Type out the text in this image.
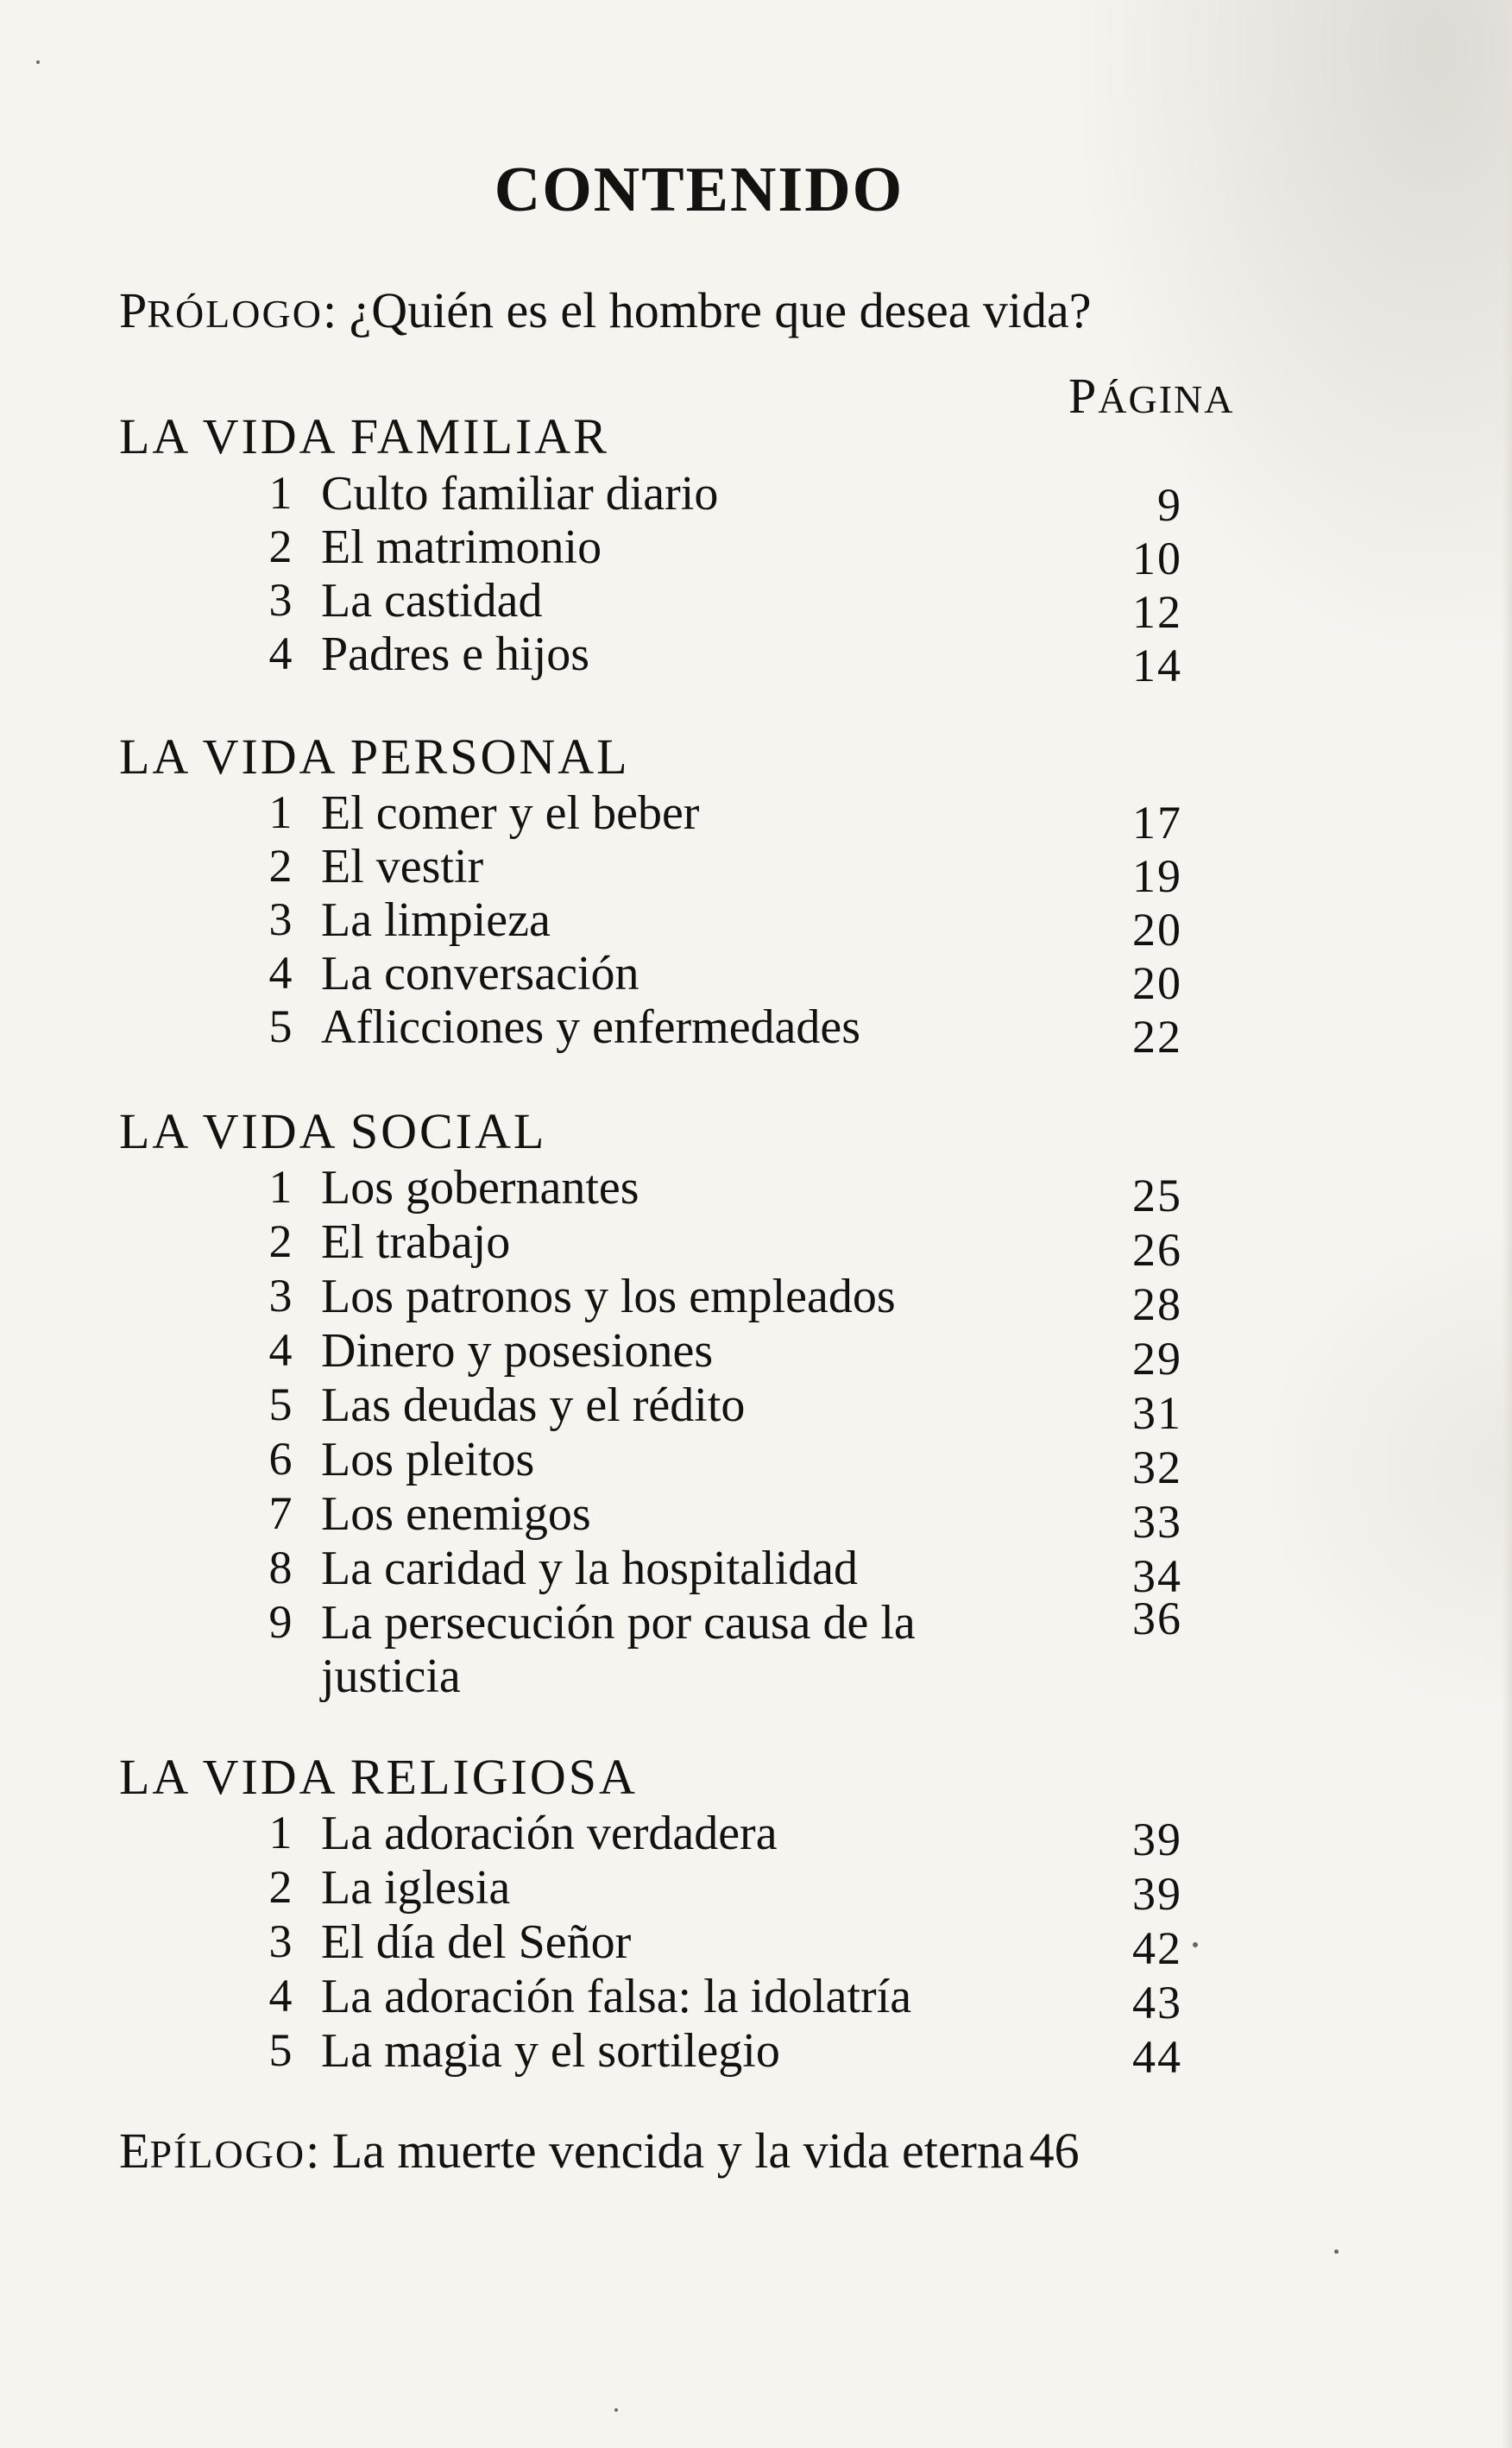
CONTENIDO
PRÓLOGO: ¿Quién es el hombre que desea vida?
PÁGINA
LA VIDA FAMILIAR
1 Culto familiar diario	9
2 El matrimonio	10
3 La castidad	12
4 Padres e hijos	14
LA VIDA PERSONAL
1 El comer y el beber	17
2 El vestir	19
3 La limpieza	20
4 La conversación	20
5 Aflicciones y enfermedades	22
LA VIDA SOCIAL
1 Los gobernantes	25
2 El trabajo	26
3 Los patronos y los empleados	28
4 Dinero y posesiones	29
5 Las deudas y el rédito	31
6 Los pleitos	32
7 Los enemigos	33
8 La caridad y la hospitalidad	34
9 La persecución por causa de la	36
justicia
LA VIDA RELIGIOSA
1 La adoración verdadera	39
2 La iglesia	39
3 El día del Señor	42
4 La adoración falsa: la idolatría	43
5 La magia y el sortilegio	44
EPÍLOGO: La muerte vencida y la vida eterna 46
